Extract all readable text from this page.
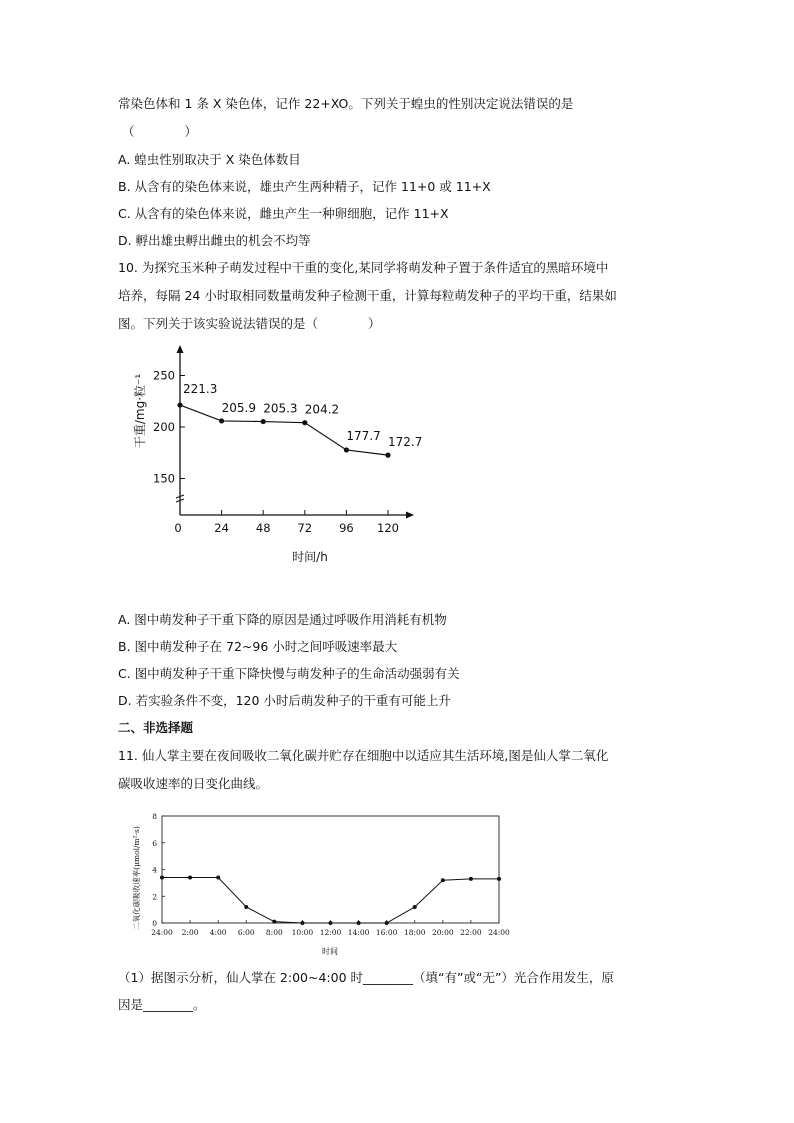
常染色体和 1 条 X 染色体，记作 22+XO。下列关于蝗虫的性别决定说法错误的是
（　　　　）
A. 蝗虫性别取决于 X 染色体数目
B. 从含有的染色体来说，雄虫产生两种精子，记作 11+0 或 11+X
C. 从含有的染色体来说，雌虫产生一种卵细胞，记作 11+X
D. 孵出雄虫孵出雌虫的机会不均等
10. 为探究玉米种子萌发过程中干重的变化,某同学将萌发种子置于条件适宜的黑暗环境中
培养，每隔 24 小时取相同数量萌发种子检测干重，计算每粒萌发种子的平均干重，结果如
图。下列关于该实验说法错误的是（　　　　）
150
200
250
0	24 48 72 96 120
221.3
205.9 205.3 204.2
177.7 172.7
时间/h
干重/mg·粒⁻¹
A. 图中萌发种子干重下降的原因是通过呼吸作用消耗有机物
B. 图中萌发种子在 72~96 小时之间呼吸速率最大
C. 图中萌发种子干重下降快慢与萌发种子的生命活动强弱有关
D. 若实验条件不变，120 小时后萌发种子的干重有可能上升
二、非选择题
11. 仙人掌主要在夜间吸收二氧化碳并贮存在细胞中以适应其生活环境,图是仙人掌二氧化
碳吸收速率的日变化曲线。
0
2
4
6
8
24:00 2:00 4:00 6:00 8:00 10:00 12:00 14:00 16:00 18:00 20:00 22:00 24:00
时间
二氧化碳吸收速率(μmol/m²·s)
（1）据图示分析，仙人掌在 2:00~4:00 时________（填“有”或“无”）光合作用发生，原
因是________。
